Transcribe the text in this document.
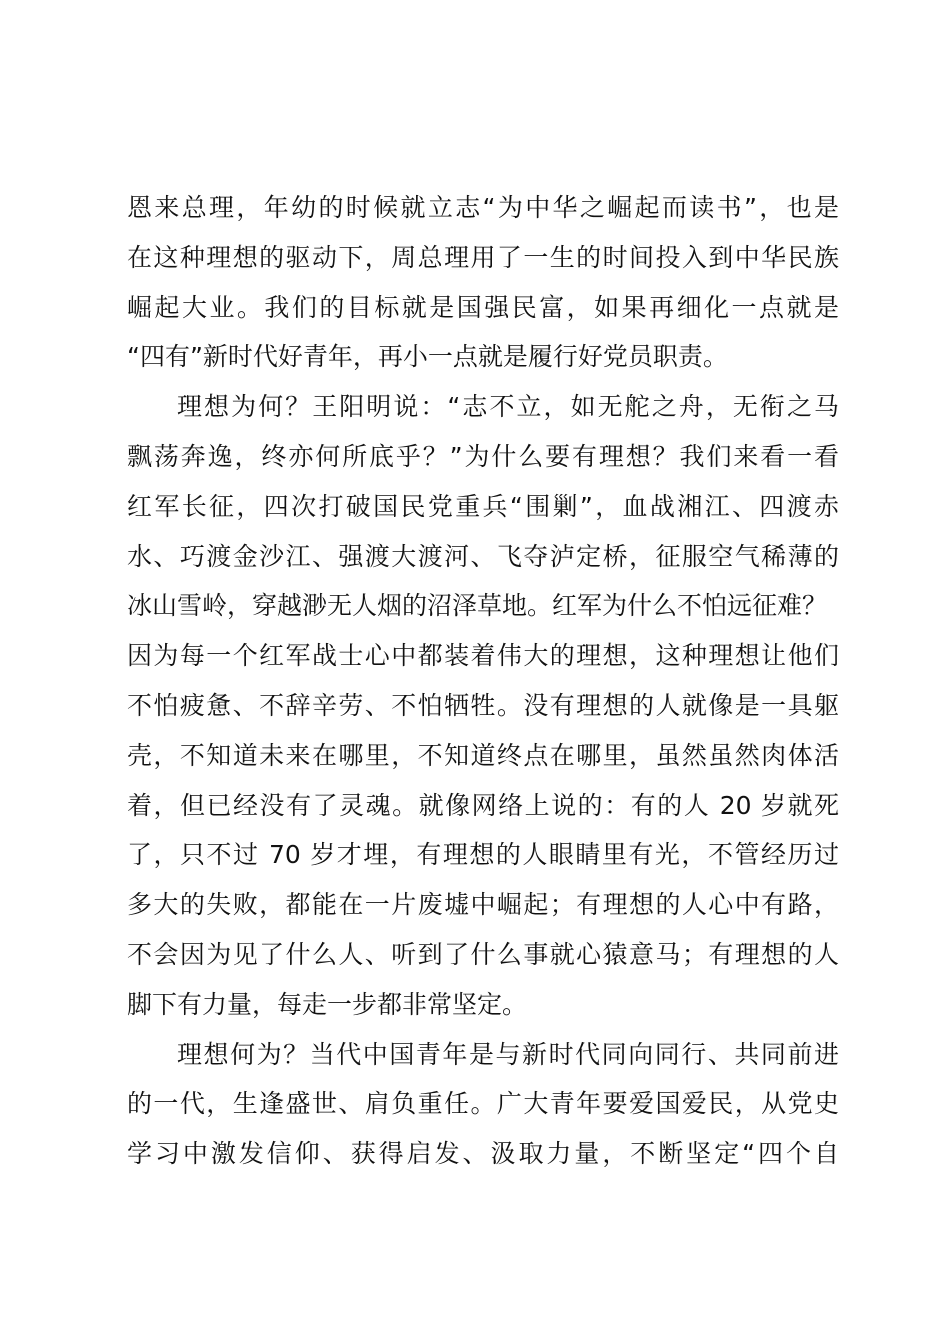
恩来总理，年幼的时候就立志“为中华之崛起而读书”，也是
在这种理想的驱动下，周总理用了一生的时间投入到中华民族
崛起大业。我们的目标就是国强民富，如果再细化一点就是
“四有”新时代好青年，再小一点就是履行好党员职责。
理想为何？王阳明说：“志不立，如无舵之舟，无衔之马
飘荡奔逸，终亦何所底乎？”为什么要有理想？我们来看一看
红军长征，四次打破国民党重兵“围剿”，血战湘江、四渡赤
水、巧渡金沙江、强渡大渡河、飞夺泸定桥，征服空气稀薄的
冰山雪岭，穿越渺无人烟的沼泽草地。红军为什么不怕远征难？
因为每一个红军战士心中都装着伟大的理想，这种理想让他们
不怕疲惫、不辞辛劳、不怕牺牲。没有理想的人就像是一具躯
壳，不知道未来在哪里，不知道终点在哪里，虽然虽然肉体活
着，但已经没有了灵魂。就像网络上说的：有的人 20 岁就死
了，只不过 70 岁才埋，有理想的人眼睛里有光，不管经历过
多大的失败，都能在一片废墟中崛起；有理想的人心中有路，
不会因为见了什么人、听到了什么事就心猿意马；有理想的人
脚下有力量，每走一步都非常坚定。
理想何为？当代中国青年是与新时代同向同行、共同前进
的一代，生逢盛世、肩负重任。广大青年要爱国爱民，从党史
学习中激发信仰、获得启发、汲取力量，不断坚定“四个自
